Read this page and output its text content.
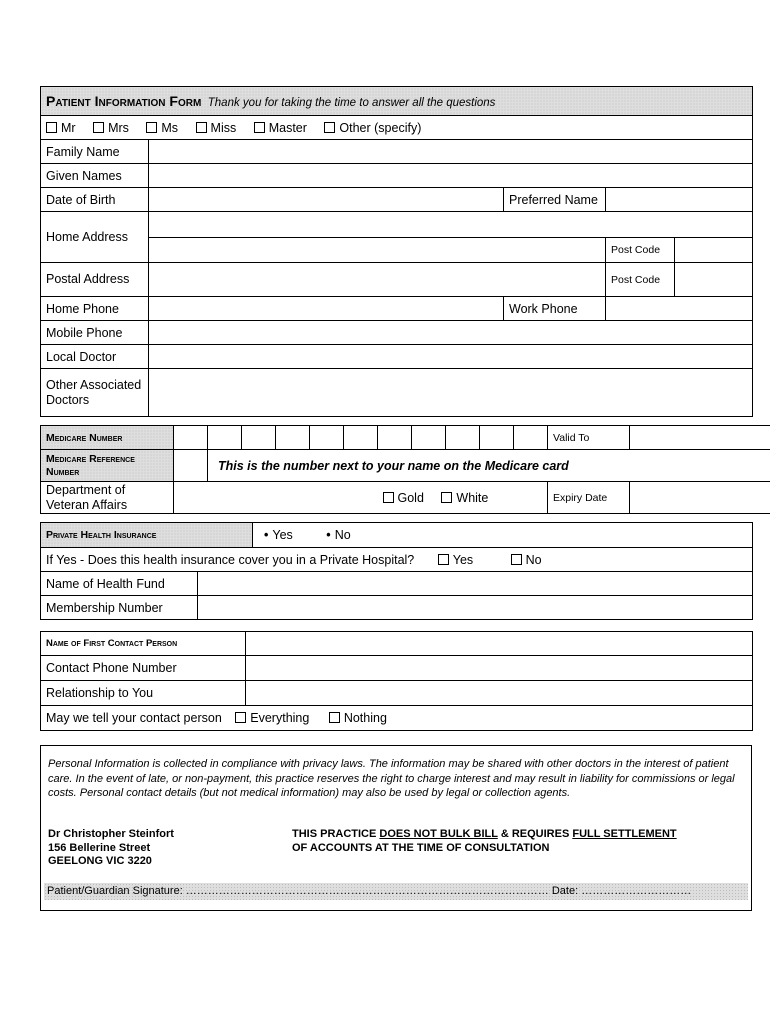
Patient Information Form Thank you for taking the time to answer all the questions				
Mr Mrs Ms Miss Master Other (specify)				
Family Name				
Given Names				
Date of Birth		Preferred Name		
Home Address				
			Post Code	
Postal Address			Post Code	
Home Phone		Work Phone		
Mobile Phone				
Local Doctor				
Other Associated Doctors				
Medicare Number												Valid To	
Medicare Reference Number		This is the number next to your name on the Medicare card											
Department of Veteran Affairs							Gold White					Expiry Date	
Private Health Insurance		• Yes • No
If Yes - Does this health insurance cover you in a Private Hospital? Yes No		
Name of Health Fund		
Membership Number		
Name of First Contact Person	
Contact Phone Number	
Relationship to You	
May we tell your contact person Everything Nothing	
Personal Information is collected in compliance with privacy laws. The information may be shared with other doctors in the interest of patient care. In the event of late, or non-payment, this practice reserves the right to charge interest and may result in liability for commissions or legal costs. Personal contact details (but not medical information) may also be used by legal or collection agents.
Dr Christopher Steinfort
156 Bellerine Street
GEELONG VIC 3220
THIS PRACTICE DOES NOT BULK BILL & REQUIRES FULL SETTLEMENT
OF ACCOUNTS AT THE TIME OF CONSULTATION
Patient/Guardian Signature: ……………………………………………………………………………………… Date: …………………………
